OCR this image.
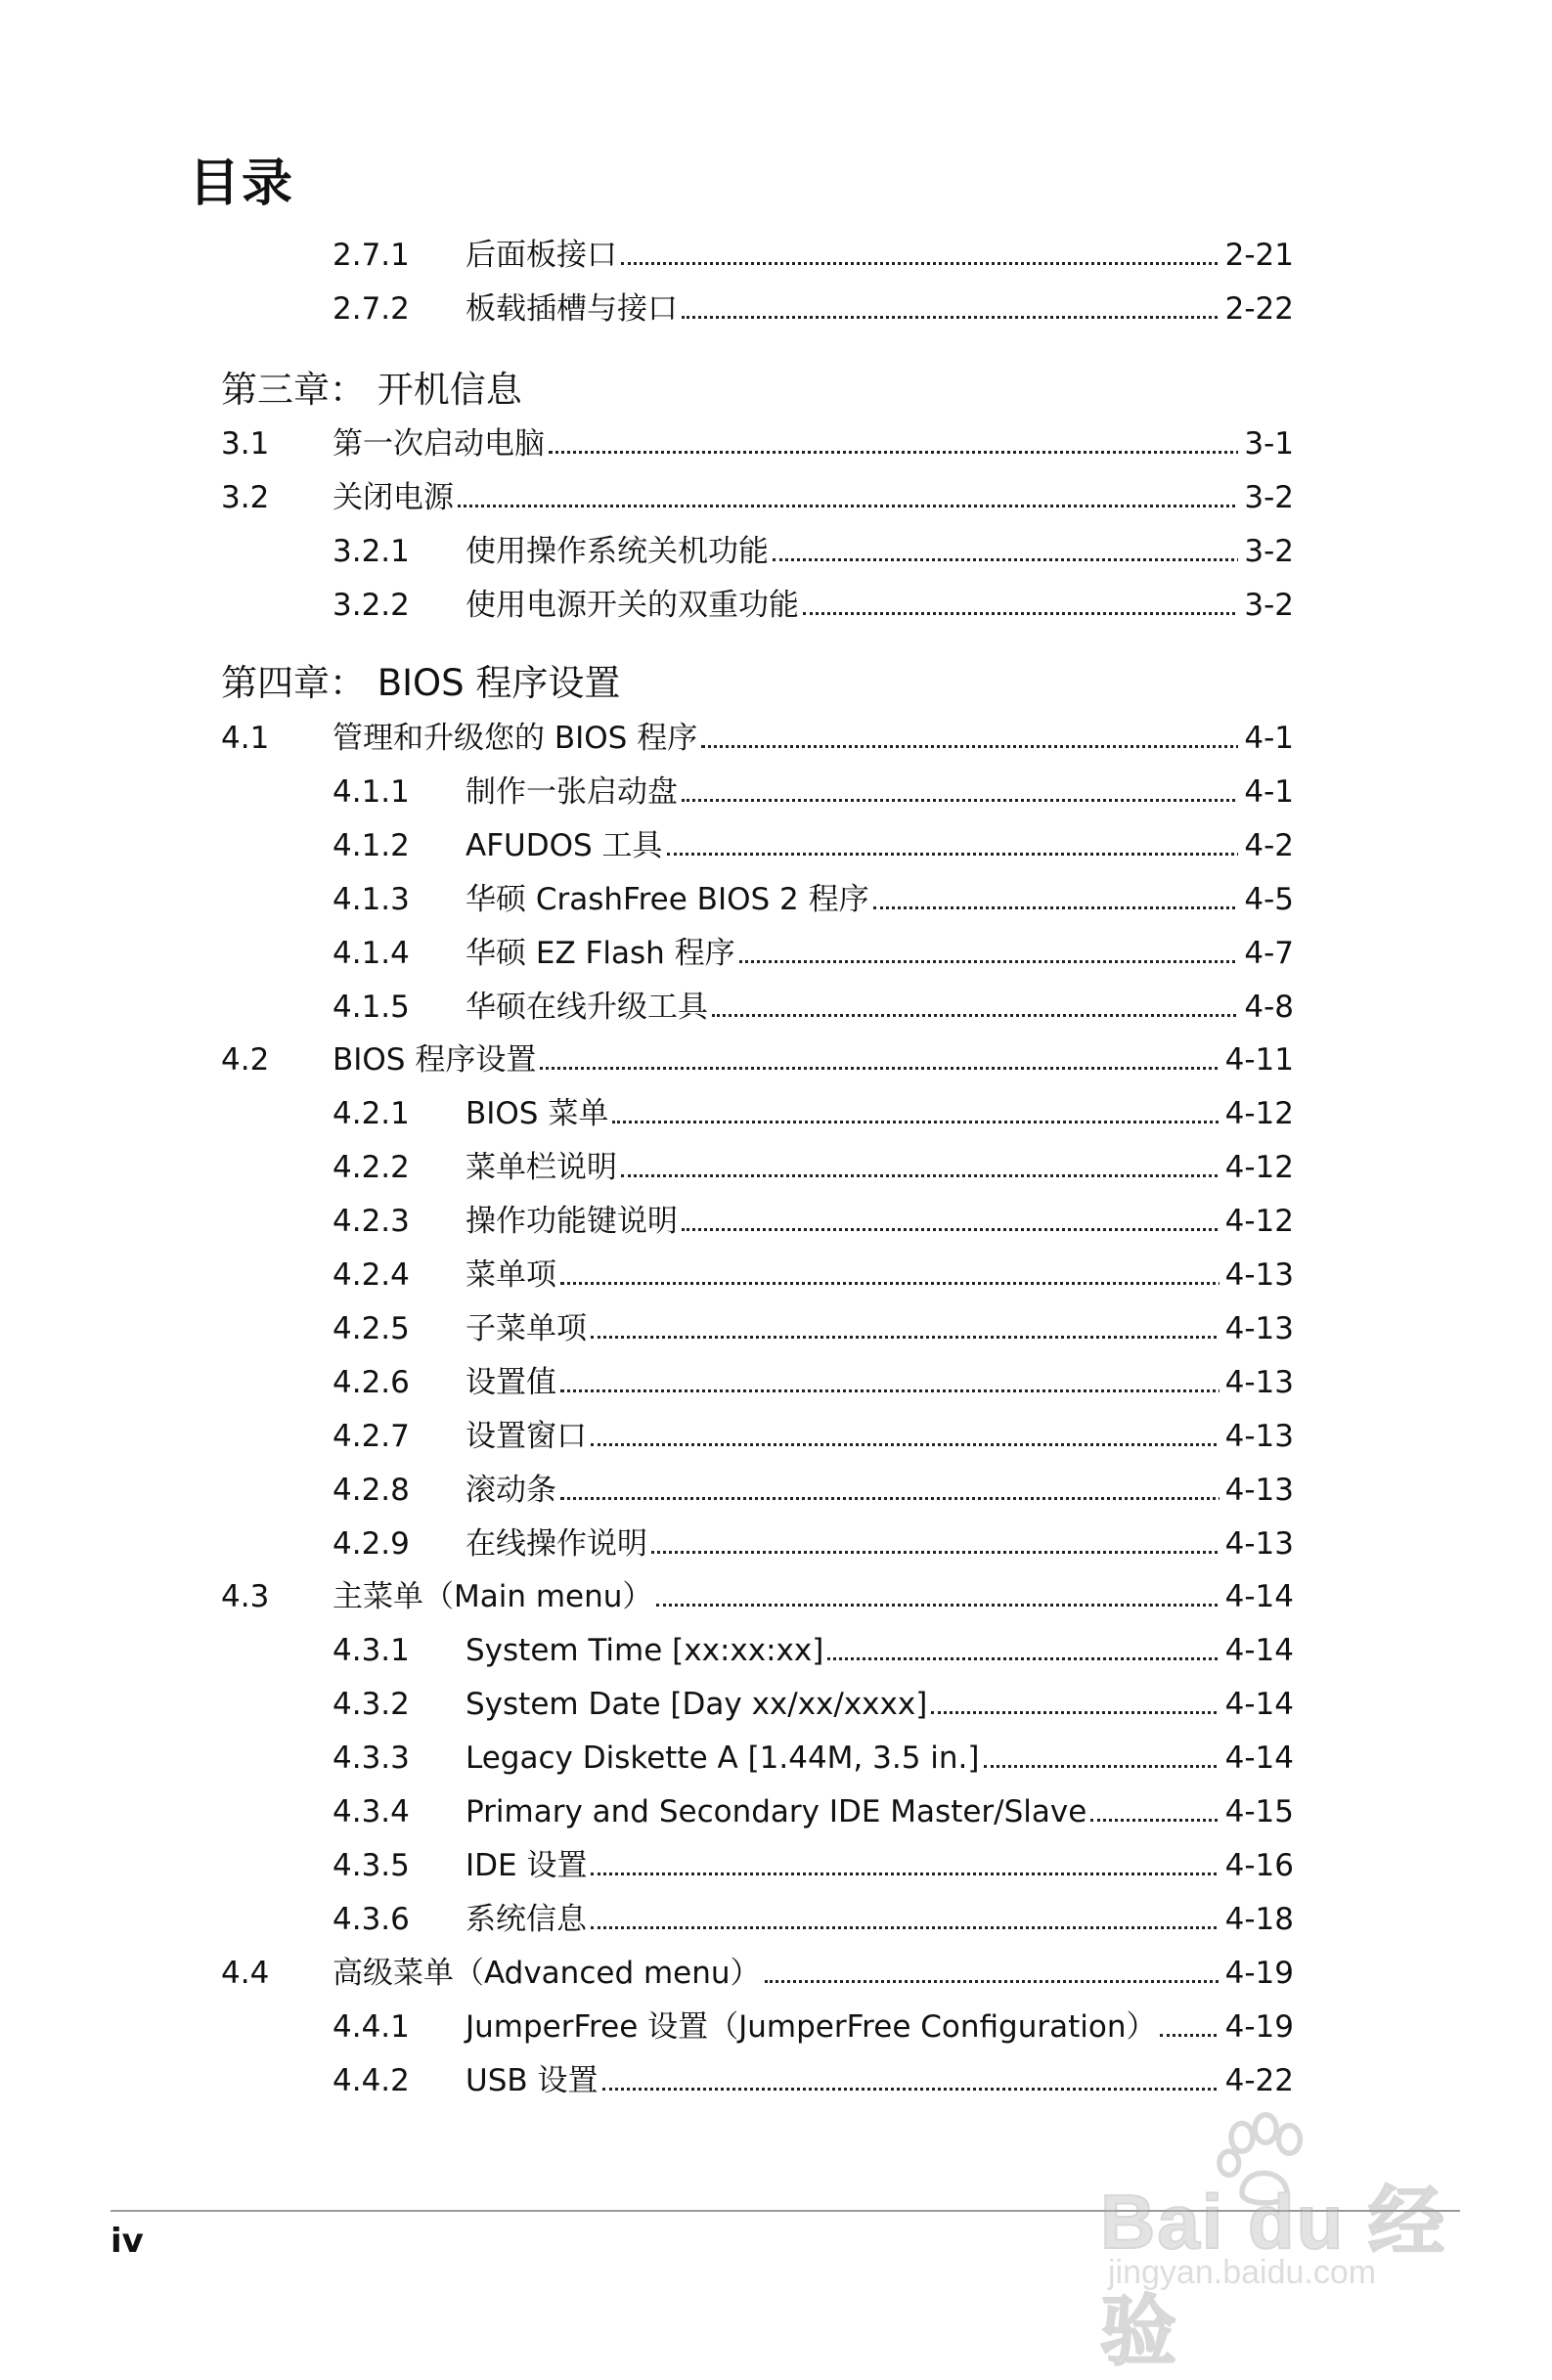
目录
2.7.1 后面板接口	2-21
2.7.2 板载插槽与接口	2-22
第三章： 开机信息
3.1 第一次启动电脑	3-1
3.2 关闭电源	3-2
3.2.1 使用操作系统关机功能	3-2
3.2.2 使用电源开关的双重功能	3-2
第四章： BIOS 程序设置
4.1 管理和升级您的 BIOS 程序	4-1
4.1.1 制作一张启动盘	4-1
4.1.2 AFUDOS 工具	4-2
4.1.3 华硕 CrashFree BIOS 2 程序	4-5
4.1.4 华硕 EZ Flash 程序	4-7
4.1.5 华硕在线升级工具	4-8
4.2 BIOS 程序设置	4-11
4.2.1 BIOS 菜单	4-12
4.2.2 菜单栏说明	4-12
4.2.3 操作功能键说明	4-12
4.2.4 菜单项	4-13
4.2.5 子菜单项	4-13
4.2.6 设置值	4-13
4.2.7 设置窗口	4-13
4.2.8 滚动条	4-13
4.2.9 在线操作说明	4-13
4.3 主菜单（Main menu）	4-14
4.3.1 System Time [xx:xx:xx]	4-14
4.3.2 System Date [Day xx/xx/xxxx]	4-14
4.3.3 Legacy Diskette A [1.44M, 3.5 in.]	4-14
4.3.4 Primary and Secondary IDE Master/Slave	4-15
4.3.5 IDE 设置	4-16
4.3.6 系统信息	4-18
4.4 高级菜单（Advanced menu）	4-19
4.4.1 JumperFree 设置（JumperFree Configuration） 4-19
4.4.2 USB 设置	4-22
iv	Bai du 经验
jingyan.baidu.com
